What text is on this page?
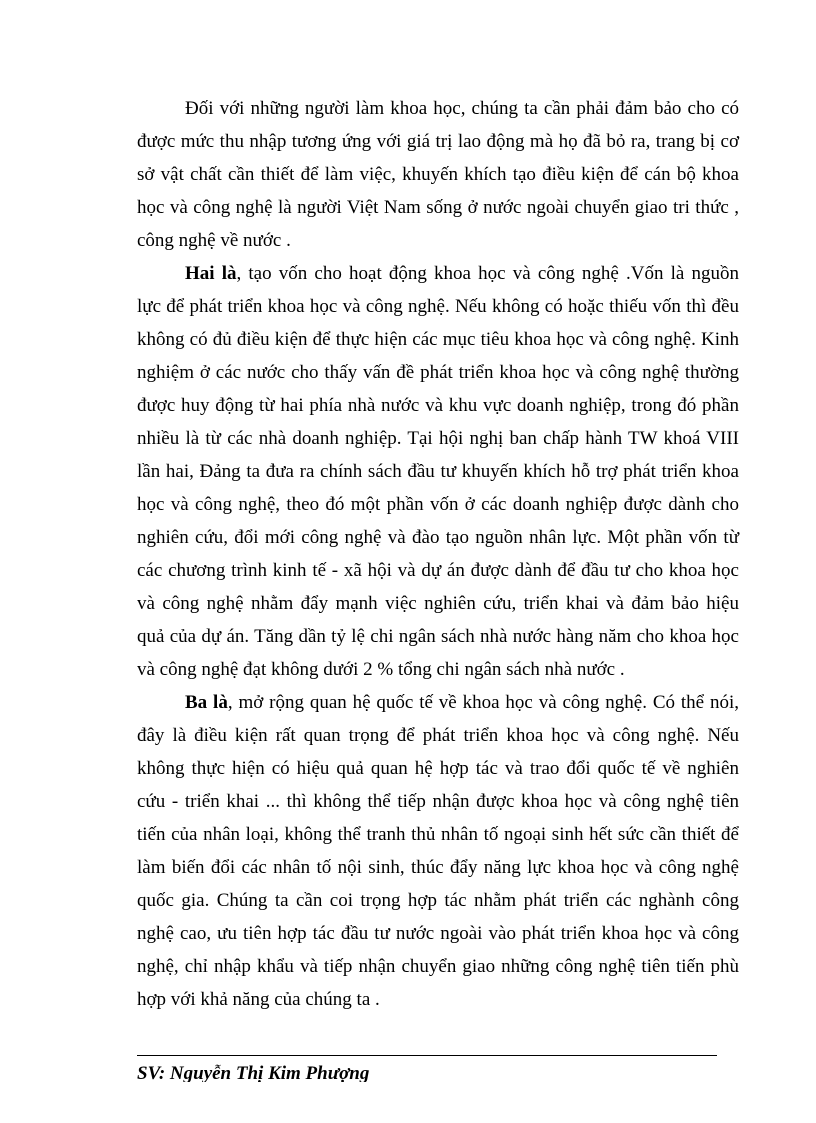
Đối với những người làm khoa học, chúng ta cần phải đảm bảo cho có
được mức thu nhập tương ứng với giá trị lao động mà họ đã bỏ ra, trang bị cơ
sở vật chất cần thiết để làm việc, khuyến khích tạo điều kiện để cán bộ khoa
học và công nghệ là người Việt Nam sống ở nước ngoài chuyển giao tri thức ,
công nghệ về nước .
Hai là, tạo vốn cho hoạt động khoa học và công nghệ .Vốn là nguồn
lực để phát triển khoa học và công nghệ. Nếu không có hoặc thiếu vốn thì đều
không có đủ điều kiện để thực hiện các mục tiêu khoa học và công nghệ. Kinh
nghiệm ở các nước cho thấy vấn đề phát triển khoa học và công nghệ thường
được huy động từ hai phía nhà nước và khu vực doanh nghiệp, trong đó phần
nhiều là từ các nhà doanh nghiệp. Tại hội nghị ban chấp hành TW khoá VIII
lần hai, Đảng ta đưa ra chính sách đầu tư khuyến khích hỗ trợ phát triển khoa
học và công nghệ, theo đó một phần vốn ở các doanh nghiệp được dành cho
nghiên cứu, đổi mới công nghệ và đào tạo nguồn nhân lực. Một phần vốn từ
các chương trình kinh tế - xã hội và dự án được dành để đầu tư cho khoa học
và công nghệ nhằm đẩy mạnh việc nghiên cứu, triển khai và đảm bảo hiệu
quả của dự án. Tăng dần tỷ lệ chi ngân sách nhà nước hàng năm cho khoa học
và công nghệ đạt không dưới 2 % tổng chi ngân sách nhà nước .
Ba là, mở rộng quan hệ quốc tế về khoa học và công nghệ. Có thể nói,
đây là điều kiện rất quan trọng để phát triển khoa học và công nghệ. Nếu
không thực hiện có hiệu quả quan hệ hợp tác và trao đổi quốc tế về nghiên
cứu - triển khai ... thì không thể tiếp nhận được khoa học và công nghệ tiên
tiến của nhân loại, không thể tranh thủ nhân tố ngoại sinh hết sức cần thiết để
làm biến đổi các nhân tố nội sinh, thúc đẩy năng lực khoa học và công nghệ
quốc gia. Chúng ta cần coi trọng hợp tác nhằm phát triển các nghành công
nghệ cao, ưu tiên hợp tác đầu tư nước ngoài vào phát triển khoa học và công
nghệ, chỉ nhập khẩu và tiếp nhận chuyển giao những công nghệ tiên tiến phù
hợp với khả năng của chúng ta .
SV: Nguyễn Thị Kim Phượng
